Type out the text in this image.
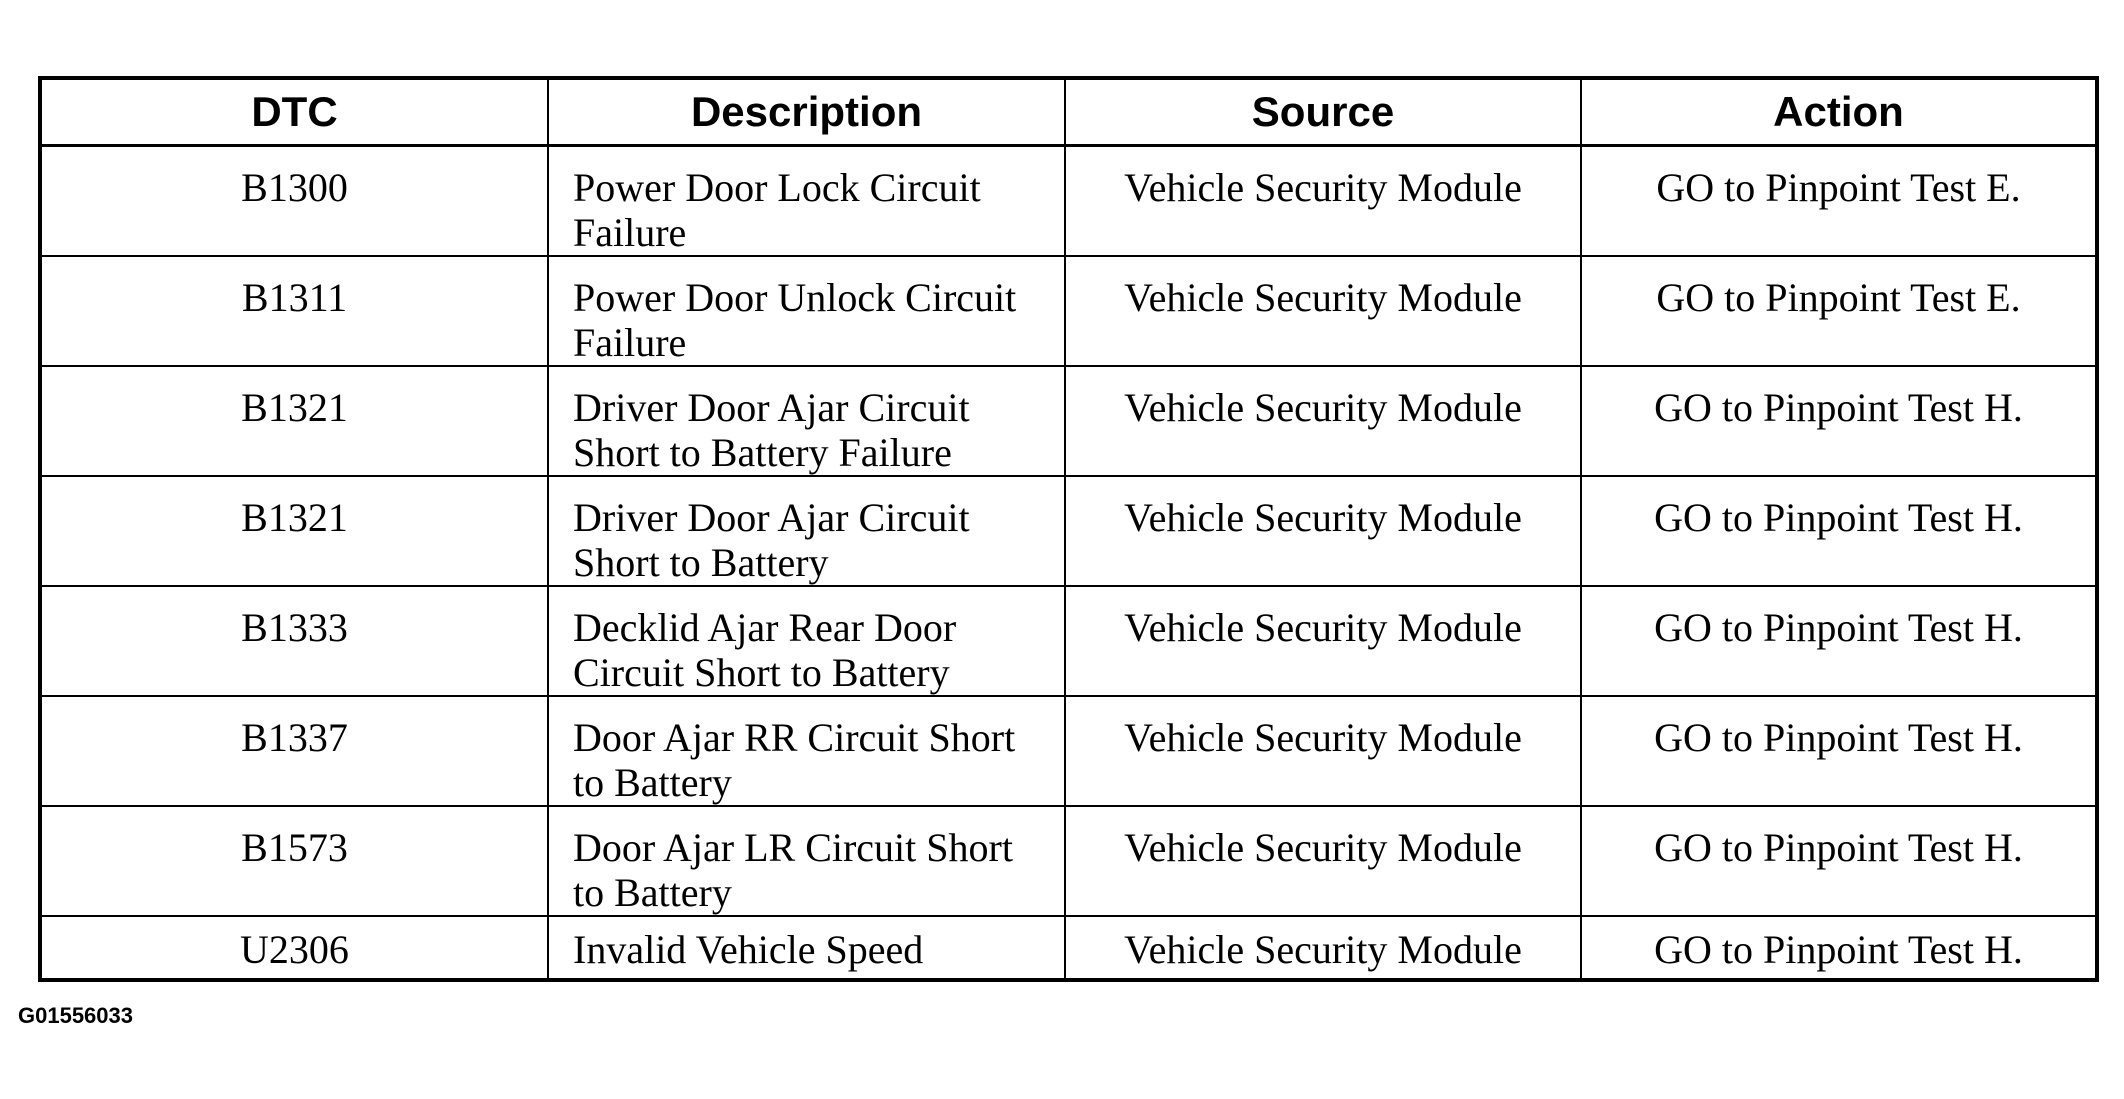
DTC	Description	Source	Action
B1300	Power Door Lock Circuit Failure	Vehicle Security Module	GO to Pinpoint Test E.
B1311	Power Door Unlock Circuit Failure	Vehicle Security Module	GO to Pinpoint Test E.
B1321	Driver Door Ajar Circuit Short to Battery Failure	Vehicle Security Module	GO to Pinpoint Test H.
B1321	Driver Door Ajar Circuit Short to Battery	Vehicle Security Module	GO to Pinpoint Test H.
B1333	Decklid Ajar Rear Door Circuit Short to Battery	Vehicle Security Module	GO to Pinpoint Test H.
B1337	Door Ajar RR Circuit Short to Battery	Vehicle Security Module	GO to Pinpoint Test H.
B1573	Door Ajar LR Circuit Short to Battery	Vehicle Security Module	GO to Pinpoint Test H.
U2306	Invalid Vehicle Speed	Vehicle Security Module	GO to Pinpoint Test H.
G01556033
